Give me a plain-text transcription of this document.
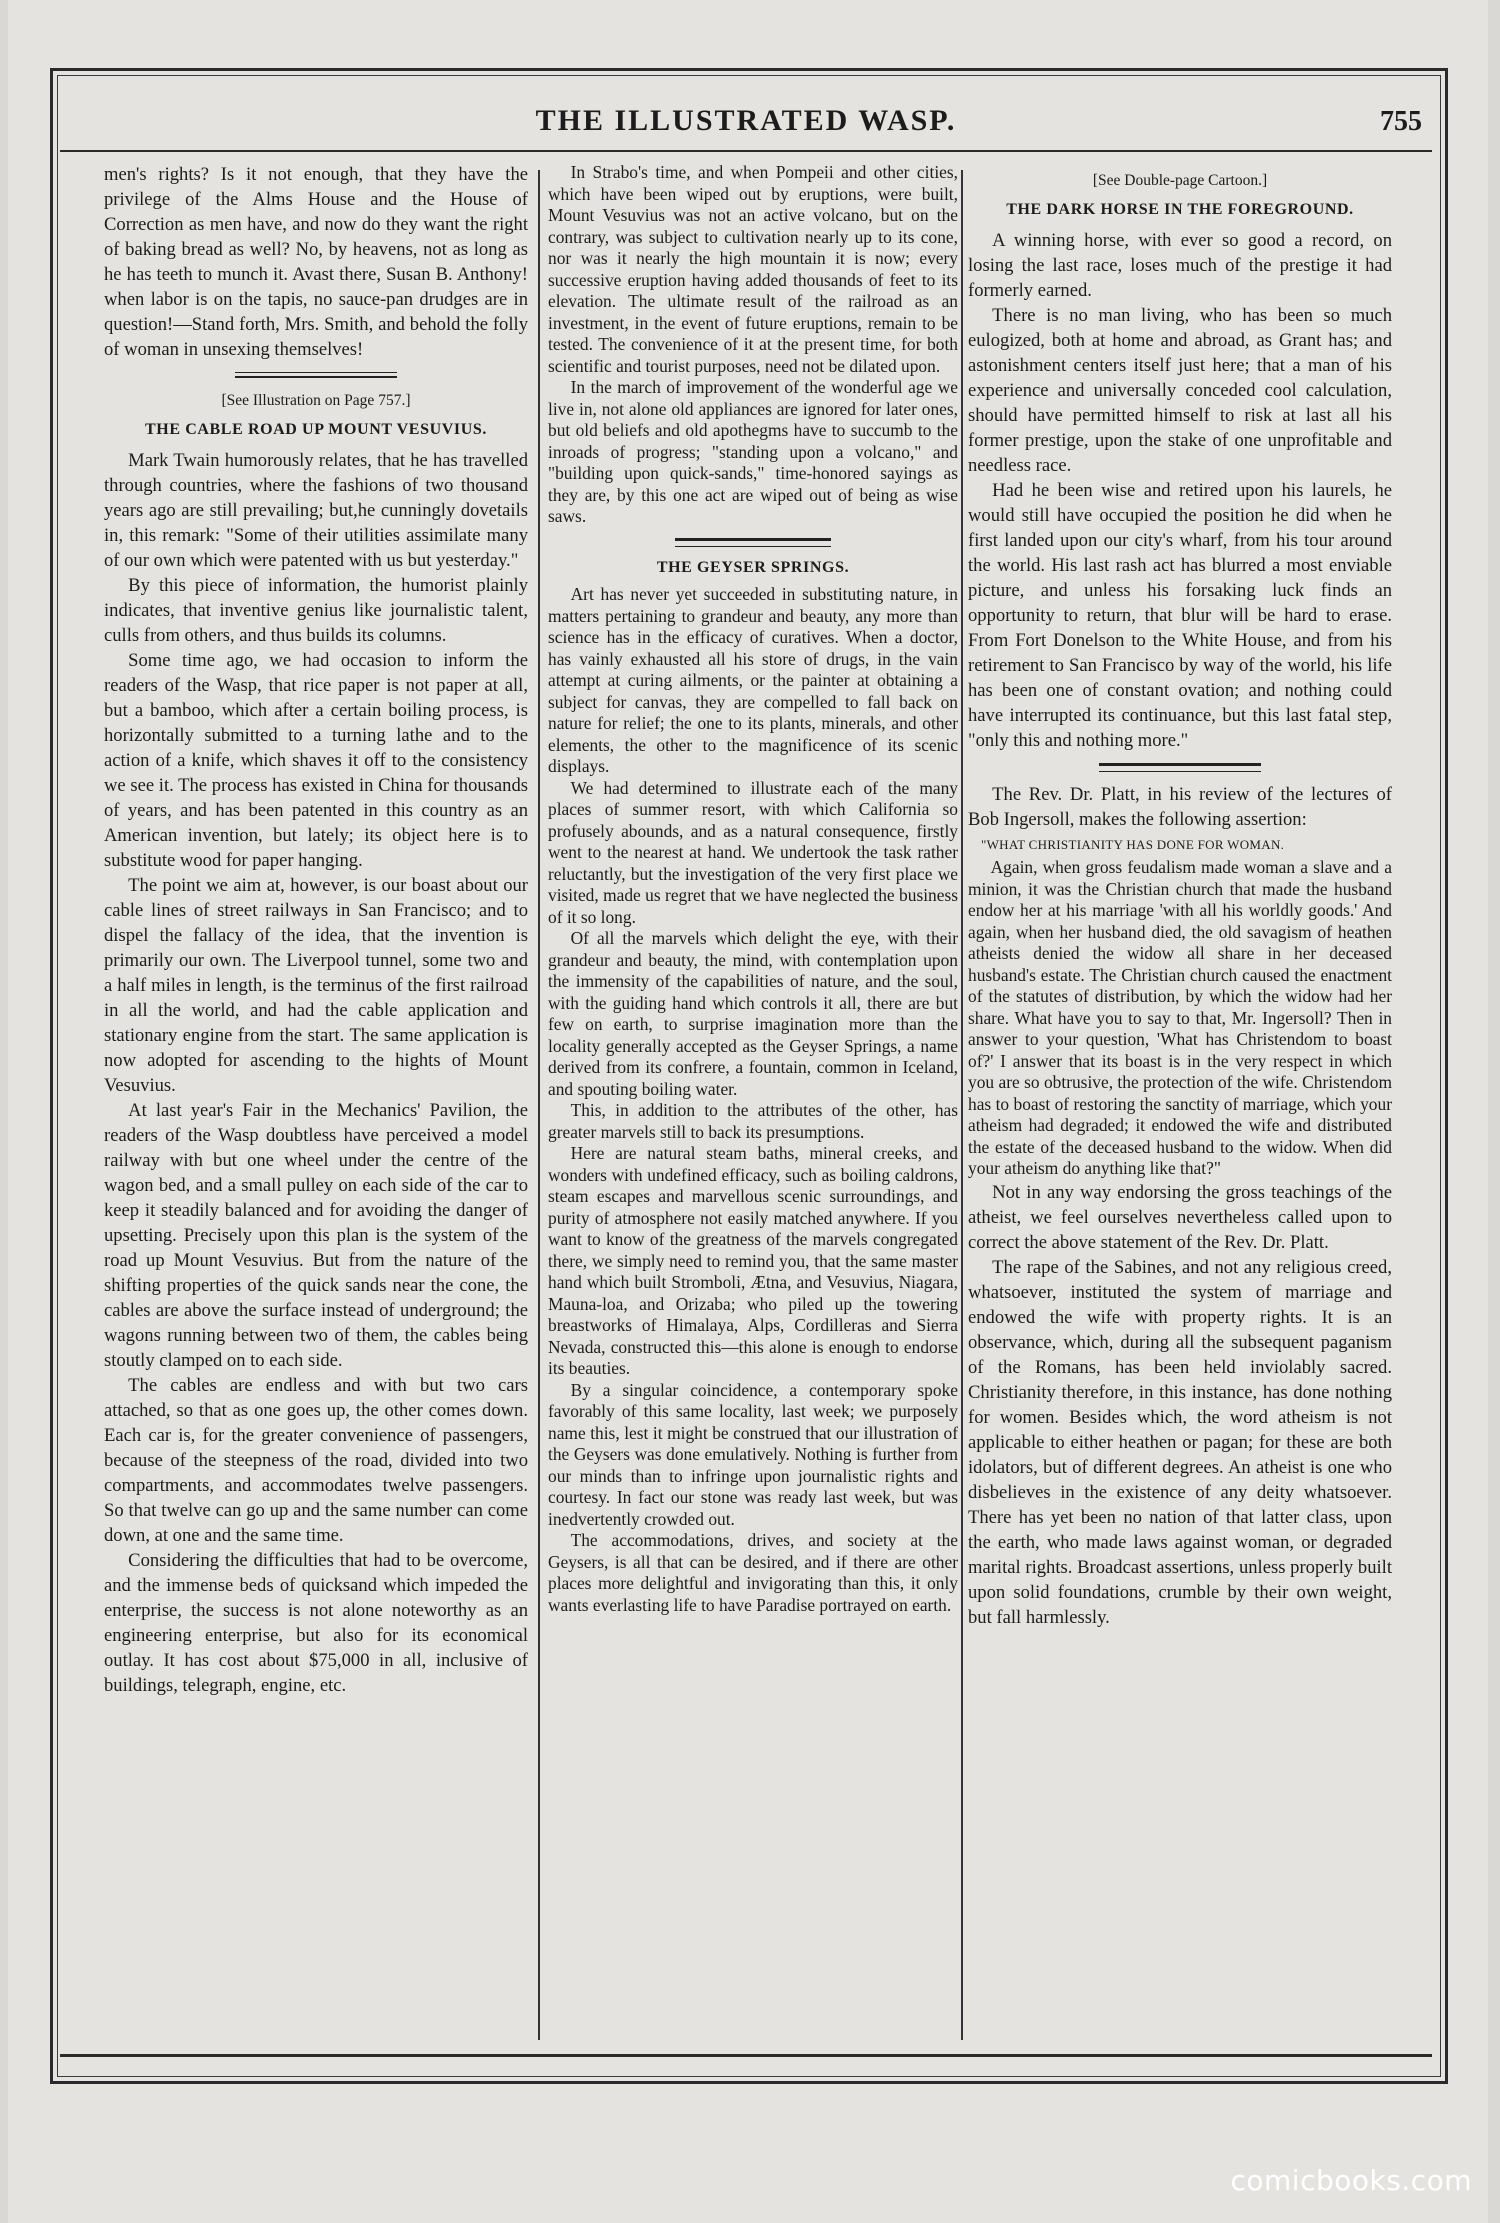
THE ILLUSTRATED WASP.	755

men's rights? Is it not enough, that they have the privilege of the Alms House and the House of Correction as men have, and now do they want the right of baking bread as well? No, by heavens, not as long as he has teeth to munch it. Avast there, Susan B. Anthony! when labor is on the tapis, no sauce-pan drudges are in question!—Stand forth, Mrs. Smith, and behold the folly of woman in unsexing themselves!

[See Illustration on Page 757.]

THE CABLE ROAD UP MOUNT VESUVIUS.

Mark Twain humorously relates, that he has travelled through countries, where the fashions of two thousand years ago are still prevailing; but,he cunningly dovetails in, this remark: "Some of their utilities assimilate many of our own which were patented with us but yesterday."

By this piece of information, the humorist plainly indicates, that inventive genius like journalistic talent, culls from others, and thus builds its columns.

Some time ago, we had occasion to inform the readers of the Wasp, that rice paper is not paper at all, but a bamboo, which after a certain boiling process, is horizontally submitted to a turning lathe and to the action of a knife, which shaves it off to the consistency we see it. The process has existed in China for thousands of years, and has been patented in this country as an American invention, but lately; its object here is to substitute wood for paper hanging.

The point we aim at, however, is our boast about our cable lines of street railways in San Francisco; and to dispel the fallacy of the idea, that the invention is primarily our own. The Liverpool tunnel, some two and a half miles in length, is the terminus of the first railroad in all the world, and had the cable application and stationary engine from the start. The same application is now adopted for ascending to the hights of Mount Vesuvius.

At last year's Fair in the Mechanics' Pavilion, the readers of the Wasp doubtless have perceived a model railway with but one wheel under the centre of the wagon bed, and a small pulley on each side of the car to keep it steadily balanced and for avoiding the danger of upsetting. Precisely upon this plan is the system of the road up Mount Vesuvius. But from the nature of the shifting properties of the quick sands near the cone, the cables are above the surface instead of underground; the wagons running between two of them, the cables being stoutly clamped on to each side.

The cables are endless and with but two cars attached, so that as one goes up, the other comes down. Each car is, for the greater convenience of passengers, because of the steepness of the road, divided into two compartments, and accommodates twelve passengers. So that twelve can go up and the same number can come down, at one and the same time.

Considering the difficulties that had to be overcome, and the immense beds of quicksand which impeded the enterprise, the success is not alone noteworthy as an engineering enterprise, but also for its economical outlay. It has cost about $75,000 in all, inclusive of buildings, telegraph, engine, etc.

In Strabo's time, and when Pompeii and other cities, which have been wiped out by eruptions, were built, Mount Vesuvius was not an active volcano, but on the contrary, was subject to cultivation nearly up to its cone, nor was it nearly the high mountain it is now; every successive eruption having added thousands of feet to its elevation. The ultimate result of the railroad as an investment, in the event of future eruptions, remain to be tested. The convenience of it at the present time, for both scientific and tourist purposes, need not be dilated upon.

In the march of improvement of the wonderful age we live in, not alone old appliances are ignored for later ones, but old beliefs and old apothegms have to succumb to the inroads of progress; "standing upon a volcano," and "building upon quick-sands," time-honored sayings as they are, by this one act are wiped out of being as wise saws.

THE GEYSER SPRINGS.

Art has never yet succeeded in substituting nature, in matters pertaining to grandeur and beauty, any more than science has in the efficacy of curatives. When a doctor, has vainly exhausted all his store of drugs, in the vain attempt at curing ailments, or the painter at obtaining a subject for canvas, they are compelled to fall back on nature for relief; the one to its plants, minerals, and other elements, the other to the magnificence of its scenic displays.

We had determined to illustrate each of the many places of summer resort, with which California so profusely abounds, and as a natural consequence, firstly went to the nearest at hand. We undertook the task rather reluctantly, but the investigation of the very first place we visited, made us regret that we have neglected the business of it so long.

Of all the marvels which delight the eye, with their grandeur and beauty, the mind, with contemplation upon the immensity of the capabilities of nature, and the soul, with the guiding hand which controls it all, there are but few on earth, to surprise imagination more than the locality generally accepted as the Geyser Springs, a name derived from its confrere, a fountain, common in Iceland, and spouting boiling water.

This, in addition to the attributes of the other, has greater marvels still to back its presumptions.

Here are natural steam baths, mineral creeks, and wonders with undefined efficacy, such as boiling caldrons, steam escapes and marvellous scenic surroundings, and purity of atmosphere not easily matched anywhere. If you want to know of the greatness of the marvels congregated there, we simply need to remind you, that the same master hand which built Stromboli, Ætna, and Vesuvius, Niagara, Mauna-loa, and Orizaba; who piled up the towering breastworks of Himalaya, Alps, Cordilleras and Sierra Nevada, constructed this—this alone is enough to endorse its beauties.

By a singular coincidence, a contemporary spoke favorably of this same locality, last week; we purposely name this, lest it might be construed that our illustration of the Geysers was done emulatively. Nothing is further from our minds than to infringe upon journalistic rights and courtesy. In fact our stone was ready last week, but was inedvertently crowded out.

The accommodations, drives, and society at the Geysers, is all that can be desired, and if there are other places more delightful and invigorating than this, it only wants everlasting life to have Paradise portrayed on earth.

[See Double-page Cartoon.]

THE DARK HORSE IN THE FOREGROUND.

A winning horse, with ever so good a record, on losing the last race, loses much of the prestige it had formerly earned.

There is no man living, who has been so much eulogized, both at home and abroad, as Grant has; and astonishment centers itself just here; that a man of his experience and universally conceded cool calculation, should have permitted himself to risk at last all his former prestige, upon the stake of one unprofitable and needless race.

Had he been wise and retired upon his laurels, he would still have occupied the position he did when he first landed upon our city's wharf, from his tour around the world. His last rash act has blurred a most enviable picture, and unless his forsaking luck finds an opportunity to return, that blur will be hard to erase. From Fort Donelson to the White House, and from his retirement to San Francisco by way of the world, his life has been one of constant ovation; and nothing could have interrupted its continuance, but this last fatal step, "only this and nothing more."

The Rev. Dr. Platt, in his review of the lectures of Bob Ingersoll, makes the following assertion:

"WHAT CHRISTIANITY HAS DONE FOR WOMAN.

Again, when gross feudalism made woman a slave and a minion, it was the Christian church that made the husband endow her at his marriage 'with all his worldly goods.' And again, when her husband died, the old savagism of heathen atheists denied the widow all share in her deceased husband's estate. The Christian church caused the enactment of the statutes of distribution, by which the widow had her share. What have you to say to that, Mr. Ingersoll? Then in answer to your question, 'What has Christendom to boast of?' I answer that its boast is in the very respect in which you are so obtrusive, the protection of the wife. Christendom has to boast of restoring the sanctity of marriage, which your atheism had degraded; it endowed the wife and distributed the estate of the deceased husband to the widow. When did your atheism do anything like that?"

Not in any way endorsing the gross teachings of the atheist, we feel ourselves nevertheless called upon to correct the above statement of the Rev. Dr. Platt.

The rape of the Sabines, and not any religious creed, whatsoever, instituted the system of marriage and endowed the wife with property rights. It is an observance, which, during all the subsequent paganism of the Romans, has been held inviolably sacred. Christianity therefore, in this instance, has done nothing for women. Besides which, the word atheism is not applicable to either heathen or pagan; for these are both idolators, but of different degrees. An atheist is one who disbelieves in the existence of any deity whatsoever. There has yet been no nation of that latter class, upon the earth, who made laws against woman, or degraded marital rights. Broadcast assertions, unless properly built upon solid foundations, crumble by their own weight, but fall harmlessly.

comicbooks.com
